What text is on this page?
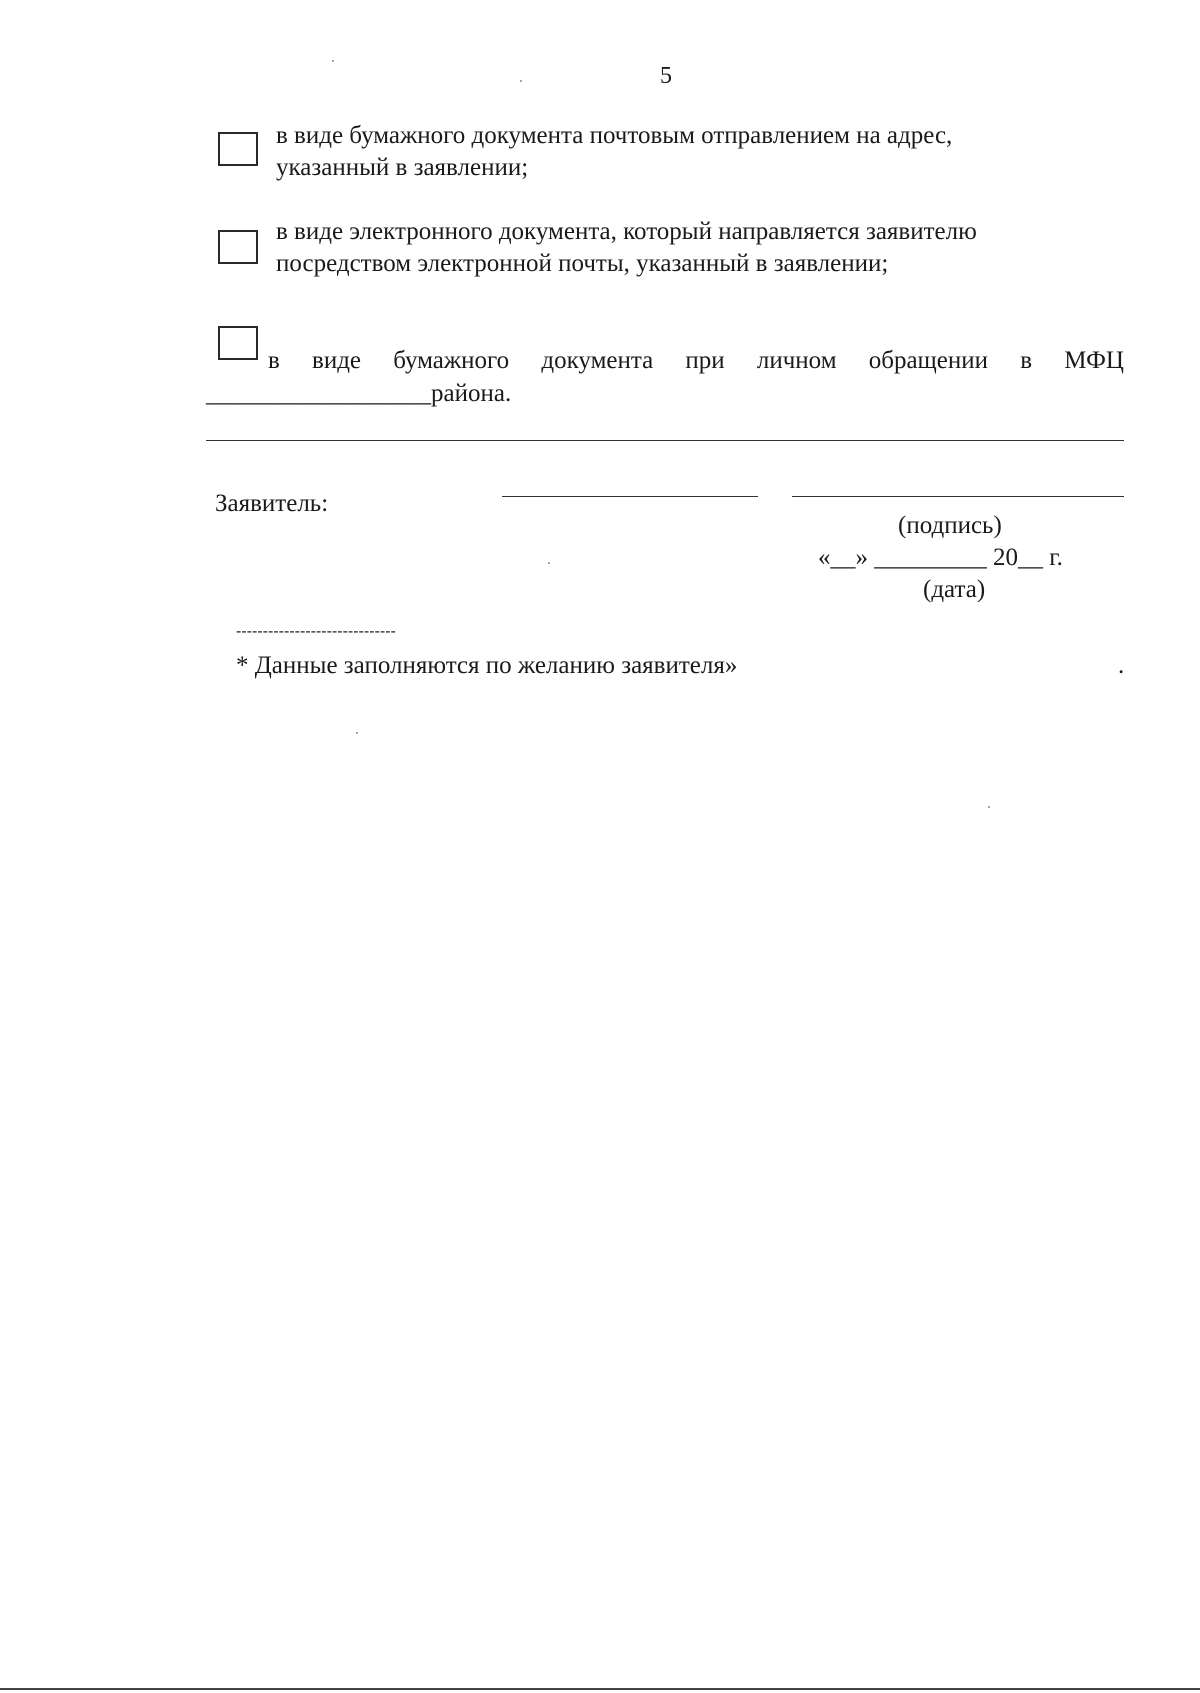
5
в виде бумажного документа почтовым отправлением на адрес,
указанный в заявлении;
в виде электронного документа, который направляется заявителю
посредством электронной почты, указанный в заявлении;
в виде бумажного документа при личном обращении в МФЦ
__________________района.
Заявитель:
(подпись)
«__» _________ 20__ г.
(дата)
------------------------------
* Данные заполняются по желанию заявителя»	.
